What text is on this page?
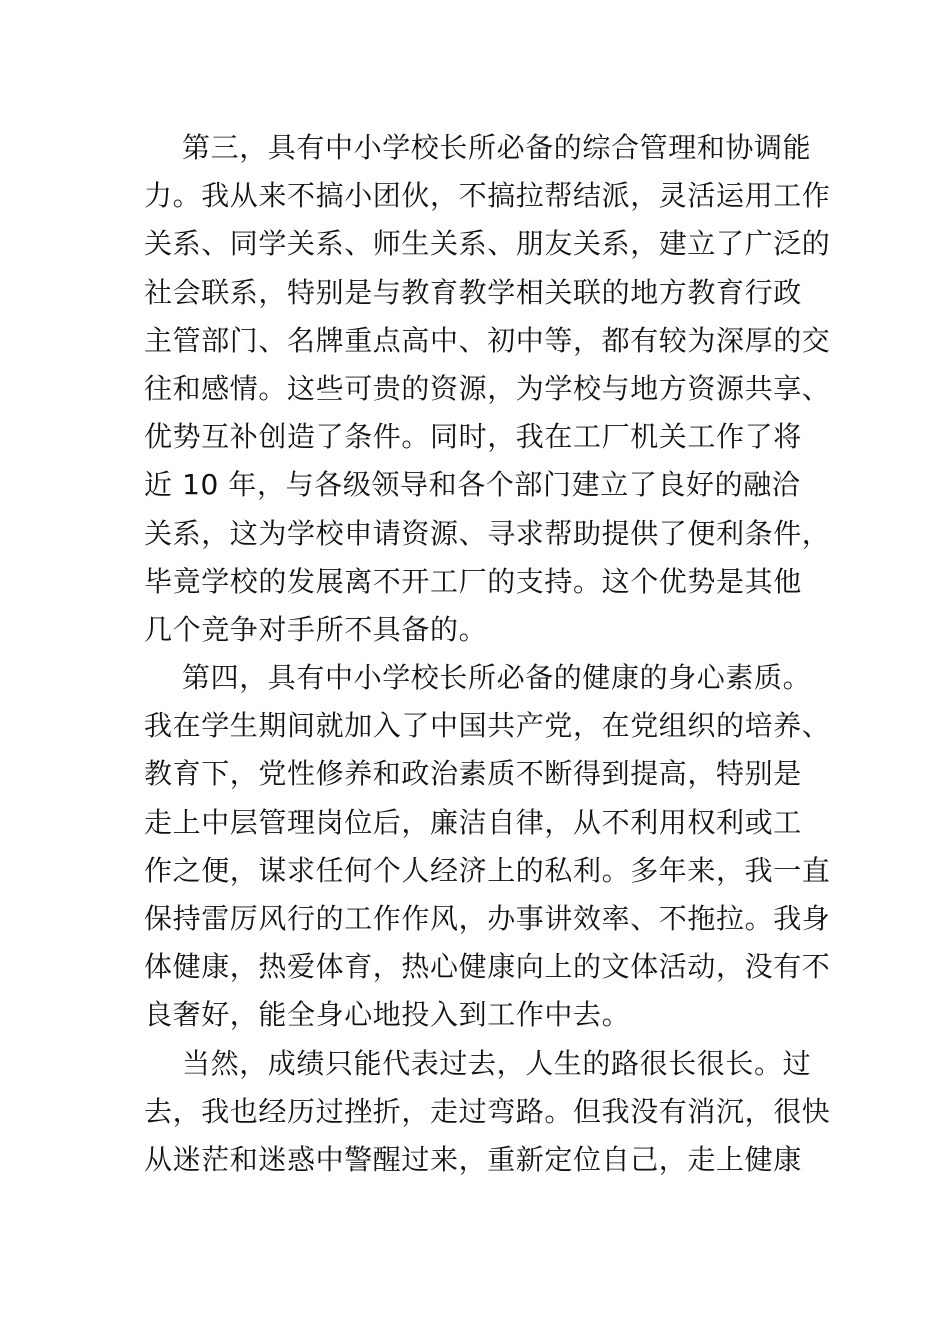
第三，具有中小学校长所必备的综合管理和协调能
力。我从来不搞小团伙，不搞拉帮结派，灵活运用工作
关系、同学关系、师生关系、朋友关系，建立了广泛的
社会联系，特别是与教育教学相关联的地方教育行政
主管部门、名牌重点高中、初中等，都有较为深厚的交
往和感情。这些可贵的资源，为学校与地方资源共享、
优势互补创造了条件。同时，我在工厂机关工作了将
近 10 年，与各级领导和各个部门建立了良好的融洽
关系，这为学校申请资源、寻求帮助提供了便利条件，
毕竟学校的发展离不开工厂的支持。这个优势是其他
几个竞争对手所不具备的。
第四，具有中小学校长所必备的健康的身心素质。
我在学生期间就加入了中国共产党，在党组织的培养、
教育下，党性修养和政治素质不断得到提高，特别是
走上中层管理岗位后，廉洁自律，从不利用权利或工
作之便，谋求任何个人经济上的私利。多年来，我一直
保持雷厉风行的工作作风，办事讲效率、不拖拉。我身
体健康，热爱体育，热心健康向上的文体活动，没有不
良奢好，能全身心地投入到工作中去。
当然，成绩只能代表过去，人生的路很长很长。过
去，我也经历过挫折，走过弯路。但我没有消沉，很快
从迷茫和迷惑中警醒过来，重新定位自己，走上健康
